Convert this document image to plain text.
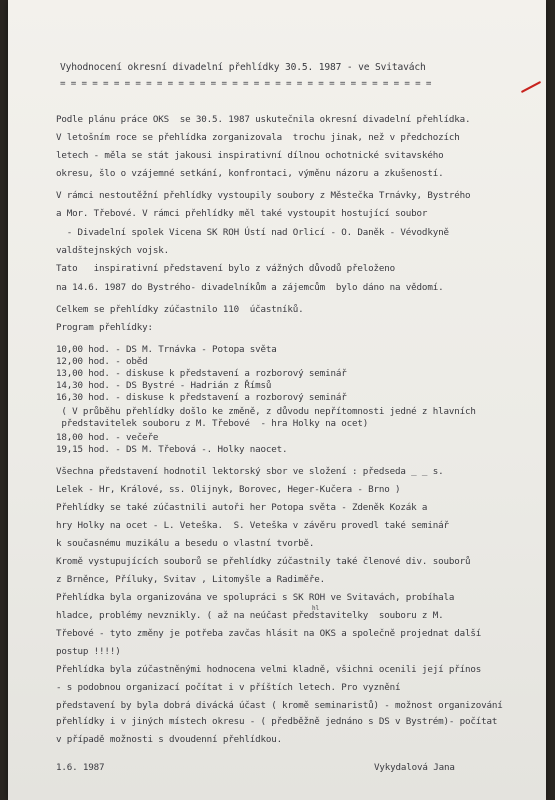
Vyhodnocení okresní divadelní přehlídky 30.5. 1987 - ve Svitavách
= = = = = = = = = = = = = = = = = = = = = = = = = = = = = = = = = = =
Podle plánu práce OKS  se 30.5. 1987 uskutečnila okresní divadelní přehlídka.
V letošním roce se přehlídka zorganizovala  trochu jinak, než v předchozích
letech - měla se stát jakousi inspirativní dílnou ochotnické svitavského
okresu, šlo o vzájemné setkání, konfrontaci, výměnu názoru a zkušeností.
V rámci nestoutěžní přehlídky vystoupily soubory z Městečka Trnávky, Bystrého
a Mor. Třebové. V rámci přehlídky měl také vystoupit hostující soubor
- Divadelní spolek Vicena SK ROH Ústí nad Orlicí - O. Daněk - Vévodkyně
valdštejnských vojsk.
Tato   inspirativní představení bylo z vážných důvodů přeloženo
na 14.6. 1987 do Bystrého- divadelníkům a zájemcům  bylo dáno na vědomí.
Celkem se přehlídky zúčastnilo 110  účastníků.
Program přehlídky:
10,00 hod. - DS M. Trnávka - Potopa světa
12,00 hod. - oběd
13,00 hod. - diskuse k představení a rozborový seminář
14,30 hod. - DS Bystré - Hadrián z Římsů
16,30 hod. - diskuse k představení a rozborový seminář
( V průběhu přehlídky došlo ke změně, z důvodu nepřítomnosti jedné z hlavních
představitelek souboru z M. Třebové  - hra Holky na ocet)
18,00 hod. - večeře
19,15 hod. - DS M. Třebová -. Holky naocet.
Všechna představení hodnotil lektorský sbor ve složení : předseda _ _ s.
Lelek - Hr, Králové, ss. Olijnyk, Borovec, Heger-Kučera - Brno )
Přehlídky se také zúčastnili autoři her Potopa světa - Zdeněk Kozák a
hry Holky na ocet - L. Veteška.  S. Veteška v závěru provedl také seminář
k současnému muzikálu a besedu o vlastní tvorbě.
Kromě vystupujících souborů se přehlídky zúčastnily také členové div. souborů
z Brněnce, Příluky, Svitav , Litomyšle a Radiměře.
Přehlídka byla organizována ve spolupráci s SK ROH ve Svitavách, probíhala
hladce, problémy nevznikly. ( až na neúčast představitelky  souboru z M.
hl
Třebové - tyto změny je potřeba zavčas hlásit na OKS a společně projednat další
postup !!!!)
Přehlídka byla zúčastněnými hodnocena velmi kladně, všichni ocenili její přínos
- s podobnou organizací počítat i v příštích letech. Pro vyznění
představení by byla dobrá divácká účast ( kromě seminaristů) - možnost organizování
přehlídky i v jiných místech okresu - ( předběžně jednáno s DS v Bystrém)- počítat
v případě možnosti s dvoudenní přehlídkou.
1.6. 1987	Vykydalová Jana
